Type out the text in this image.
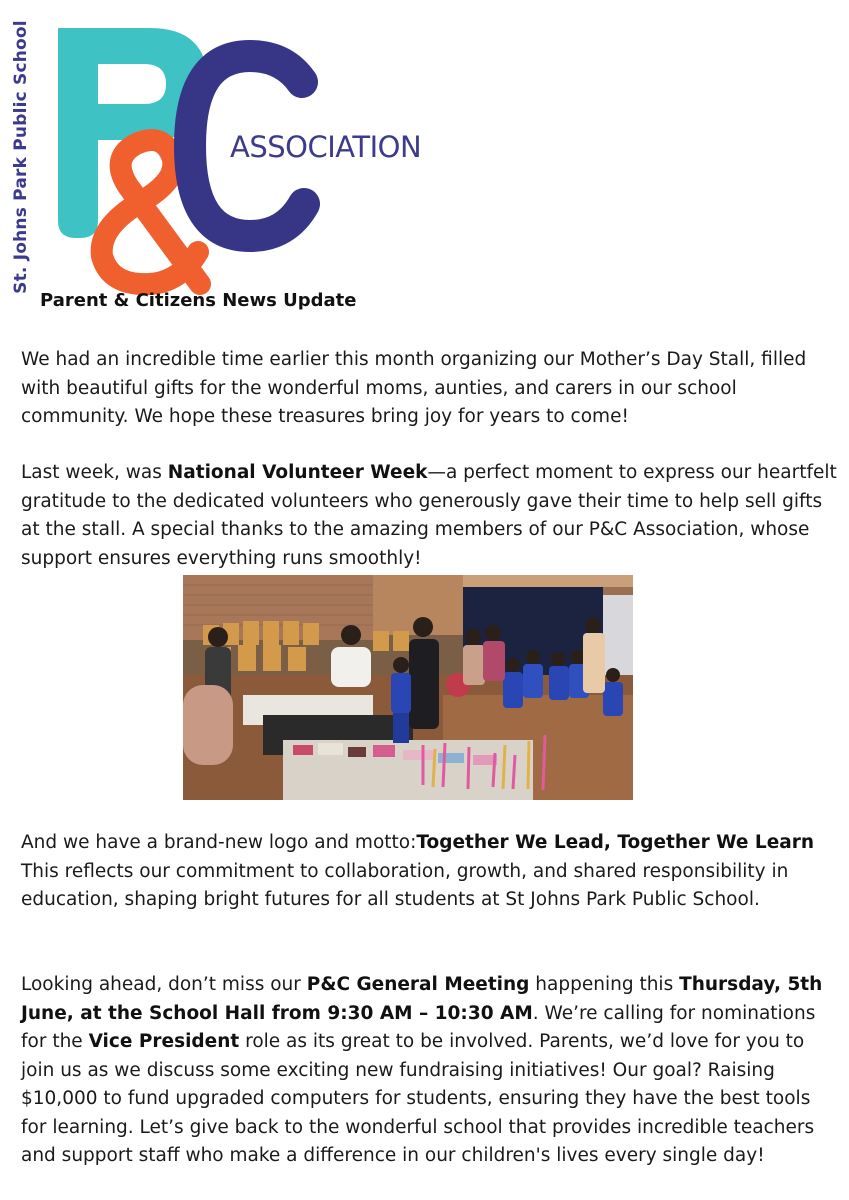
St. Johns Park Public School	ASSOCIATION
Parent & Citizens News Update

We had an incredible time earlier this month organizing our Mother’s Day Stall, filled with beautiful gifts for the wonderful moms, aunties, and carers in our school community. We hope these treasures bring joy for years to come!

Last week, was National Volunteer Week—a perfect moment to express our heartfelt gratitude to the dedicated volunteers who generously gave their time to help sell gifts at the stall. A special thanks to the amazing members of our P&C Association, whose support ensures everything runs smoothly!

And we have a brand-new logo and motto:Together We Lead, Together We Learn This reflects our commitment to collaboration, growth, and shared responsibility in education, shaping bright futures for all students at St Johns Park Public School.

Looking ahead, don’t miss our P&C General Meeting happening this Thursday, 5th June, at the School Hall from 9:30 AM – 10:30 AM. We’re calling for nominations for the Vice President role as its great to be involved. Parents, we’d love for you to join us as we discuss some exciting new fundraising initiatives! Our goal? Raising $10,000 to fund upgraded computers for students, ensuring they have the best tools for learning. Let’s give back to the wonderful school that provides incredible teachers and support staff who make a difference in our children's lives every single day!
